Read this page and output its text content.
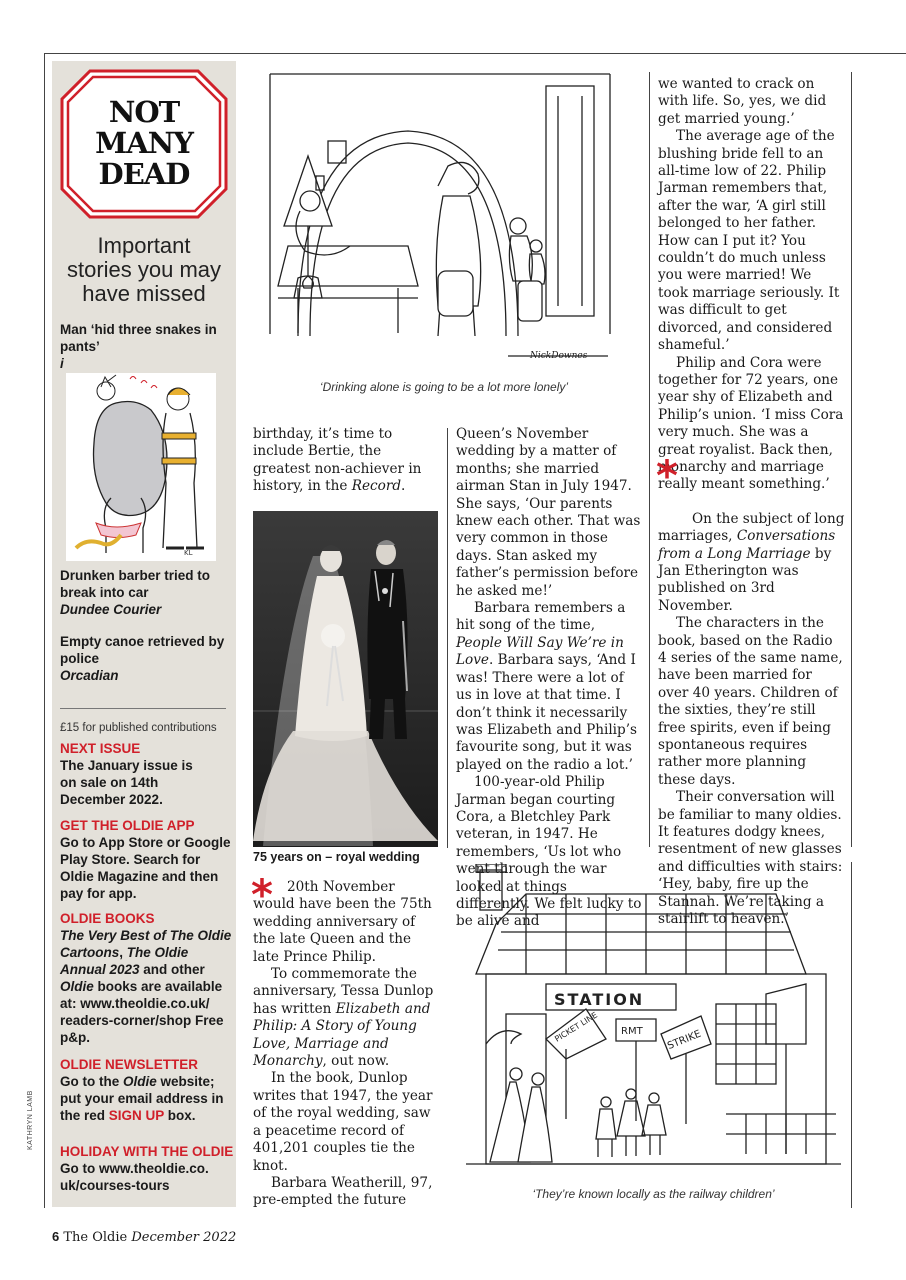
NOT
MANY
DEAD
Important stories you may have missed
Man ‘hid three snakes in pants’
i
KL
Drunken barber tried to break into car
Dundee Courier
Empty canoe retrieved by police
Orcadian
£15 for published contributions
NEXT ISSUE
The January issue is on sale on 14th December 2022.
GET THE OLDIE APP
Go to App Store or Google Play Store. Search for Oldie Magazine and then pay for app.
OLDIE BOOKS
The Very Best of The Oldie Cartoons, The Oldie Annual 2023 and other Oldie books are available at: www.theoldie.co.uk/ readers-corner/shop Free p&p.
OLDIE NEWSLETTER
Go to the Oldie website; put your email address in the red SIGN UP box.
HOLIDAY WITH THE OLDIE
Go to www.theoldie.co. uk/courses-tours
KATHRYN LAMB
NickDownes
‘Drinking alone is going to be a lot more lonely’

birthday, it’s time to include Bertie, the greatest non-achiever in history, in the Record.

75 years on – royal wedding
*	20th November would have been the 75th wedding anniversary of the late Queen and the late Prince Philip.

To commemorate the anniversary, Tessa Dunlop has written Elizabeth and Philip: A Story of Young Love, Marriage and Monarchy, out now.

In the book, Dunlop writes that 1947, the year of the royal wedding, saw a peacetime record of 401,201 couples tie the knot.

Barbara Weatherill, 97, pre-empted the future

Queen’s November wedding by a matter of months; she married airman Stan in July 1947. She says, ‘Our parents knew each other. That was very common in those days. Stan asked my father’s permission before he asked me!’

Barbara remembers a hit song of the time, People Will Say We’re in Love. Barbara says, ‘And I was! There were a lot of us in love at that time. I don’t think it necessarily was Elizabeth and Philip’s favourite song, but it was played on the radio a lot.’

100-year-old Philip Jarman began courting Cora, a Bletchley Park veteran, in 1947. He remembers, ‘Us lot who went through the war looked at things differently. We felt lucky to be alive and

we wanted to crack on with life. So, yes, we did get married young.’

The average age of the blushing bride fell to an all-time low of 22. Philip Jarman remembers that, after the war, ‘A girl still belonged to her father. How can I put it? You couldn’t do much unless you were married! We took marriage seriously. It was difficult to get divorced, and considered shameful.’

Philip and Cora were together for 72 years, one year shy of Elizabeth and Philip’s union. ‘I miss Cora very much. She was a great royalist. Back then, monarchy and marriage really meant something.’

On the subject of long marriages, Conversations from a Long Marriage by Jan Etherington was published on 3rd November.

The characters in the book, based on the Radio 4 series of the same name, have been married for over 40 years. Children of the sixties, they’re still free spirits, even if being spontaneous requires rather more planning these days.

Their conversation will be familiar to many oldies. It features dodgy knees, resentment of new glasses and difficulties with stairs: ‘Hey, baby, fire up the Stannah. We’re taking a stairlift to heaven.’

*
STATION
PICKET LINE RMT STRIKE
‘They’re known locally as the railway children’
6 The Oldie December 2022
